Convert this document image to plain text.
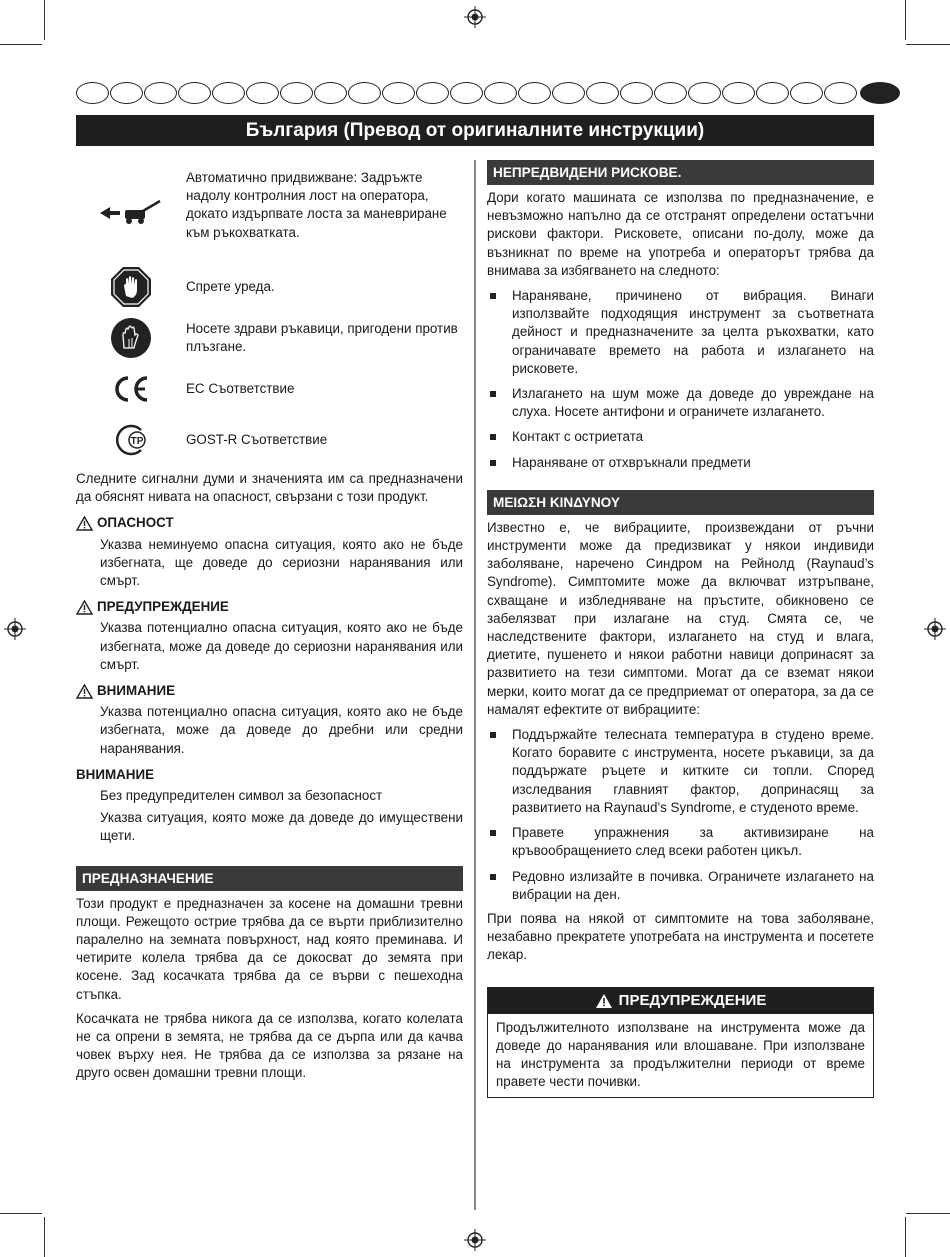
България (Превод от оригиналните инструкции)
Автоматично придвижване: Задръжте надолу контролния лост на оператора, докато издърпвате лоста за маневриране към ръкохватката.
Спрете уреда.
Носете здрави ръкавици, пригодени против плъзгане.
ЕС Съответствие
TP	GOST-R Съответствие

Следните сигнални думи и значенията им са предназначени да обяснят нивата на опасност, свързани с този продукт.

ОПАСНОСТ

Указва неминуемо опасна ситуация, която ако не бъде избегната, ще доведе до сериозни наранявания или смърт.

ПРЕДУПРЕЖДЕНИЕ

Указва потенциално опасна ситуация, която ако не бъде избегната, може да доведе до сериозни наранявания или смърт.

ВНИМАНИЕ

Указва потенциално опасна ситуация, която ако не бъде избегната, може да доведе до дребни или средни наранявания.

ВНИМАНИЕ

Без предупредителен символ за безопасност

Указва ситуация, която може да доведе до имуществени щети.

ПРЕДНАЗНАЧЕНИЕ

Този продукт е предназначен за косене на домашни тревни площи. Режещото острие трябва да се върти приблизително паралелно на земната повърхност, над която преминава. И четирите колела трябва да се докосват до земята при косене. Зад косачката трябва да се върви с пешеходна стъпка.

Косачката не трябва никога да се използва, когато колелата не са опрени в земята, не трябва да се дърпа или да качва човек върху нея. Не трябва да се използва за рязане на друго освен домашни тревни площи.

НЕПРЕДВИДЕНИ РИСКОВЕ.

Дори когато машината се използва по предназначение, е невъзможно напълно да се отстранят определени остатъчни рискови фактори. Рисковете, описани по-долу, може да възникнат по време на употреба и операторът трябва да внимава за избягването на следното:

Нараняване, причинено от вибрация. Винаги използвайте подходящия инструмент за съответната дейност и предназначените за целта ръкохватки, като ограничавате времето на работа и излагането на рисковете.
Излагането на шум може да доведе до увреждане на слуха. Носете антифони и ограничете излагането.
Контакт с остриетата
Нараняване от отхвръкнали предмети
ΜΕΙΩΣΗ ΚΙΝΔΥΝΟΥ

Известно е, че вибрациите, произвеждани от ръчни инструменти може да предизвикат у някои индивиди заболяване, наречено Синдром на Рейнолд (Raynaud’s Syndrome). Симптомите може да включват изтръпване, схващане и избледняване на пръстите, обикновено се забелязват при излагане на студ. Смята се, че наследствените фактори, излагането на студ и влага, диетите, пушенето и някои работни навици допринасят за развитието на тези симптоми. Могат да се вземат някои мерки, които могат да се предприемат от оператора, за да се намалят ефектите от вибрациите:

Поддържайте телесната температура в студено време. Когато боравите с инструмента, носете ръкавици, за да поддържате ръцете и китките си топли. Според изследвания главният фактор, допринасящ за развитието на Raynaud’s Syndrome, е студеното време.
Правете упражнения за активизиране на кръвообращението след всеки работен цикъл.
Редовно излизайте в почивка. Ограничете излагането на вибрации на ден.

При поява на някой от симптомите на това заболяване, незабавно прекратете употребата на инструмента и посетете лекар.

ПРЕДУПРЕЖДЕНИЕ
Продължителното използване на инструмента може да доведе до наранявания или влошаване. При използване на инструмента за продължителни периоди от време правете чести почивки.
